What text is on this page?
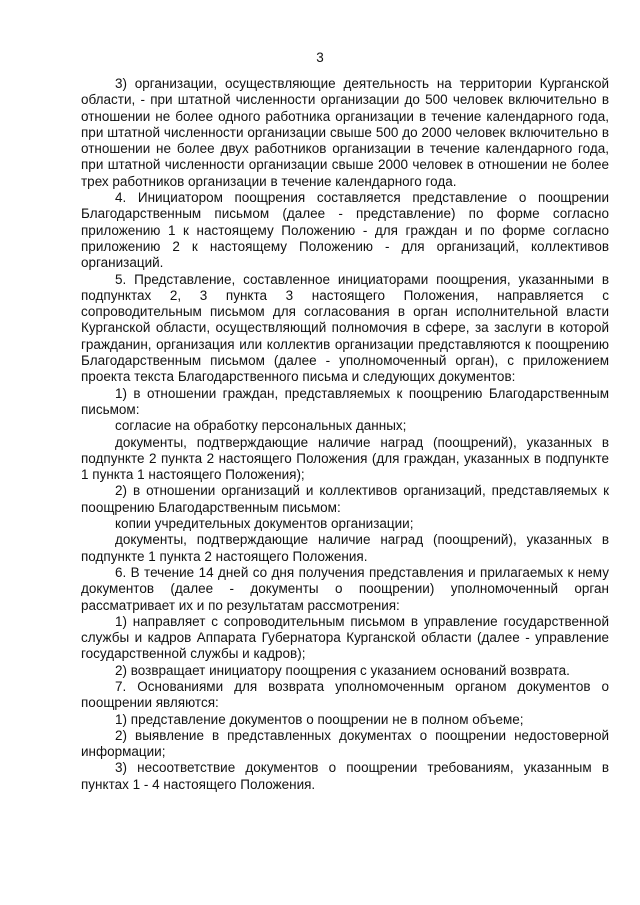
3

3) организации, осуществляющие деятельность на территории Курганской области, - при штатной численности организации до 500 человек включительно в отношении не более одного работника организации в течение календарного года, при штатной численности организации свыше 500 до 2000 человек включительно в отношении не более двух работников организации в течение календарного года, при штатной численности организации свыше 2000 человек в отношении не более трех работников организации в течение календарного года.

4. Инициатором поощрения составляется представление о поощрении Благодарственным письмом (далее - представление) по форме согласно приложению 1 к настоящему Положению - для граждан и по форме согласно приложению 2 к настоящему Положению - для организаций, коллективов организаций.

5. Представление, составленное инициаторами поощрения, указанными в подпунктах 2, 3 пункта 3 настоящего Положения, направляется с сопроводительным письмом для согласования в орган исполнительной власти Курганской области, осуществляющий полномочия в сфере, за заслуги в которой гражданин, организация или коллектив организации представляются к поощрению Благодарственным письмом (далее - уполномоченный орган), с приложением проекта текста Благодарственного письма и следующих документов:

1) в отношении граждан, представляемых к поощрению Благодарственным письмом:

согласие на обработку персональных данных;

документы, подтверждающие наличие наград (поощрений), указанных в подпункте 2 пункта 2 настоящего Положения (для граждан, указанных в подпункте 1 пункта 1 настоящего Положения);

2) в отношении организаций и коллективов организаций, представляемых к поощрению Благодарственным письмом:

копии учредительных документов организации;

документы, подтверждающие наличие наград (поощрений), указанных в подпункте 1 пункта 2 настоящего Положения.

6. В течение 14 дней со дня получения представления и прилагаемых к нему документов (далее - документы о поощрении) уполномоченный орган рассматривает их и по результатам рассмотрения:

1) направляет с сопроводительным письмом в управление государственной службы и кадров Аппарата Губернатора Курганской области (далее - управление государственной службы и кадров);

2) возвращает инициатору поощрения с указанием оснований возврата.

7. Основаниями для возврата уполномоченным органом документов о поощрении являются:

1) представление документов о поощрении не в полном объеме;

2) выявление в представленных документах о поощрении недостоверной информации;

3) несоответствие документов о поощрении требованиям, указанным в пунктах 1 - 4 настоящего Положения.
